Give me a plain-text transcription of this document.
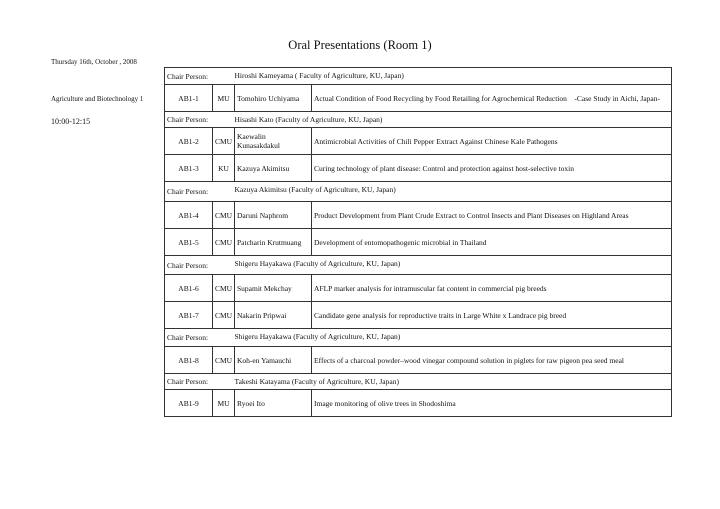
Oral Presentations (Room 1)
Thursday 16th, October , 2008
Agriculture and Biotechnology 1
10:00-12:15
Chair Person:		Hiroshi Kameyama ( Faculty of Agriculture, KU, Japan)	
AB1-1	MU	Tomohiro Uchiyama	Actual Condition of Food Recycling by Food Retailing for Agrochemical Reduction　-Case Study in Aichi, Japan-
Chair Person:		Hisashi Kato (Faculty of Agriculture, KU, Japan)	
AB1-2	CMU	Kaewalin Kunasakdakul	Antimicrobial Activities of Chili Pepper Extract Against Chinese Kale Pathogens
AB1-3	KU	Kazuya Akimitsu	Curing technology of plant disease: Control and protection against host-selective toxin
Chair Person:		Kazuya Akimitsu (Faculty of Agriculture, KU, Japan)	
AB1-4	CMU	Daruni Naphrom	Product Development from Plant Crude Extract to Control Insects and Plant Diseases on Highland Areas
AB1-5	CMU	Patcharin Krutmuang	Development of entomopathogenic microbial in Thailand
Chair Person:		Shigeru Hayakawa (Faculty of Agriculture, KU, Japan)	
AB1-6	CMU	Supamit Mekchay	AFLP marker analysis for intramuscular fat content in commercial pig breeds
AB1-7	CMU	Nakarin Pripwai	Candidate gene analysis for reproductive traits in Large White x Landrace pig breed
Chair Person:		Shigeru Hayakawa (Faculty of Agriculture, KU, Japan)	
AB1-8	CMU	Koh-en Yamauchi	Effects of a charcoal powder–wood vinegar compound solution in piglets for raw pigeon pea seed meal
Chair Person:		Takeshi Katayama (Faculty of Agriculture, KU, Japan)	
AB1-9	MU	Ryoei Ito	Image monitoring of olive trees in Shodoshima
